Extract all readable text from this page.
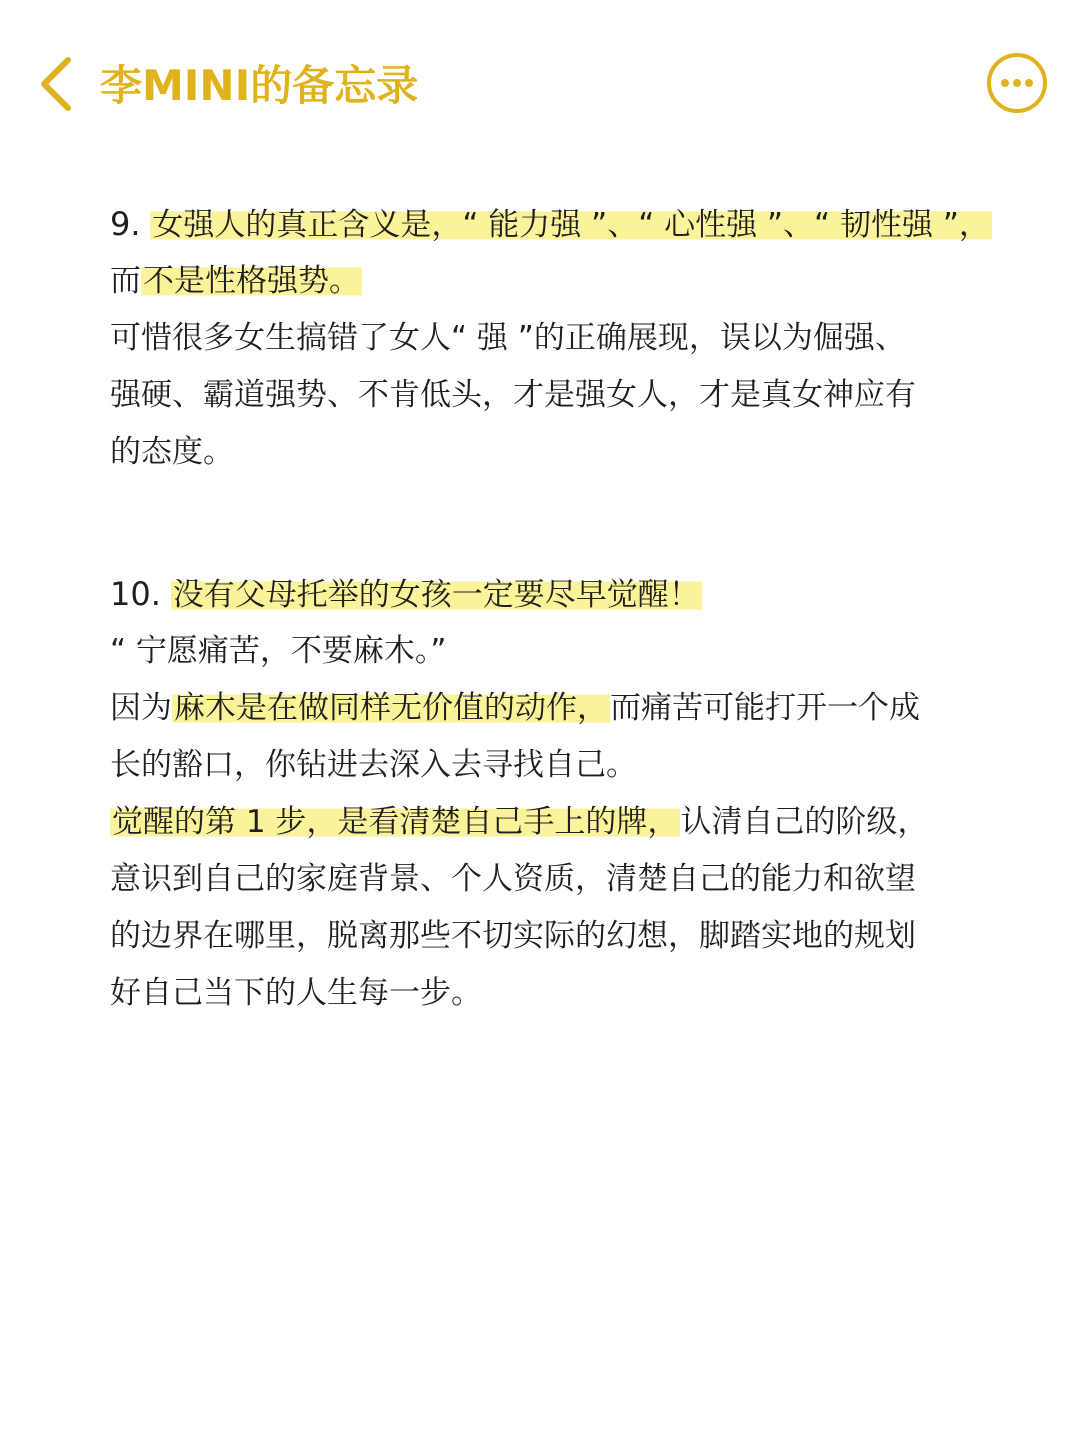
李MINI的备忘录
9. 女强人的真正含义是，“ 能力强 ”、“ 心性强 ”、“ 韧性强 ”，
而不是性格强势。
可惜很多女生搞错了女人“ 强 ”的正确展现，误以为倔强、
强硬、霸道强势、不肯低头，才是强女人，才是真女神应有
的态度。
10. 没有父母托举的女孩一定要尽早觉醒！
“ 宁愿痛苦，不要麻木。”
因为麻木是在做同样无价值的动作，而痛苦可能打开一个成
长的豁口，你钻进去深入去寻找自己。
觉醒的第 1 步，是看清楚自己手上的牌，认清自己的阶级，
意识到自己的家庭背景、个人资质，清楚自己的能力和欲望
的边界在哪里，脱离那些不切实际的幻想，脚踏实地的规划
好自己当下的人生每一步。
